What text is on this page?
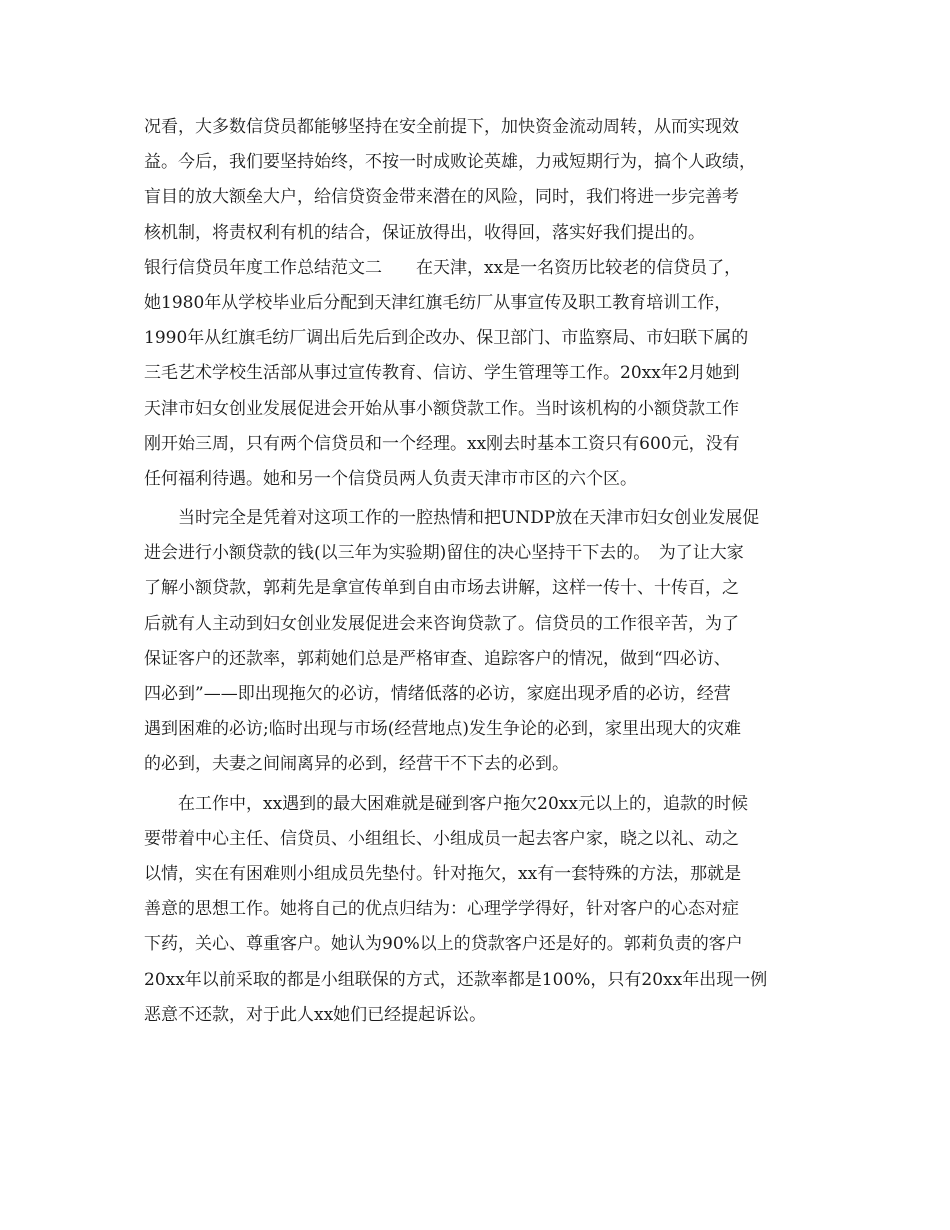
况看，大多数信贷员都能够坚持在安全前提下，加快资金流动周转，从而实现效
益。今后，我们要坚持始终，不按一时成败论英雄，力戒短期行为，搞个人政绩，
盲目的放大额垒大户，给信贷资金带来潜在的风险，同时，我们将进一步完善考
核机制，将责权利有机的结合，保证放得出，收得回，落实好我们提出的。
银行信贷员年度工作总结范文二　　在天津，xx是一名资历比较老的信贷员了，
她1980年从学校毕业后分配到天津红旗毛纺厂从事宣传及职工教育培训工作，
1990年从红旗毛纺厂调出后先后到企改办、保卫部门、市监察局、市妇联下属的
三毛艺术学校生活部从事过宣传教育、信访、学生管理等工作。20xx年2月她到
天津市妇女创业发展促进会开始从事小额贷款工作。当时该机构的小额贷款工作
刚开始三周，只有两个信贷员和一个经理。xx刚去时基本工资只有600元，没有
任何福利待遇。她和另一个信贷员两人负责天津市市区的六个区。
当时完全是凭着对这项工作的一腔热情和把UNDP放在天津市妇女创业发展促
进会进行小额贷款的钱(以三年为实验期)留住的决心坚持干下去的。　为了让大家
了解小额贷款，郭莉先是拿宣传单到自由市场去讲解，这样一传十、十传百，之
后就有人主动到妇女创业发展促进会来咨询贷款了。信贷员的工作很辛苦，为了
保证客户的还款率，郭莉她们总是严格审查、追踪客户的情况，做到“四必访、
四必到”——即出现拖欠的必访，情绪低落的必访，家庭出现矛盾的必访，经营
遇到困难的必访;临时出现与市场(经营地点)发生争论的必到，家里出现大的灾难
的必到，夫妻之间闹离异的必到，经营干不下去的必到。
在工作中，xx遇到的最大困难就是碰到客户拖欠20xx元以上的，追款的时候
要带着中心主任、信贷员、小组组长、小组成员一起去客户家，晓之以礼、动之
以情，实在有困难则小组成员先垫付。针对拖欠，xx有一套特殊的方法，那就是
善意的思想工作。她将自己的优点归结为：心理学学得好，针对客户的心态对症
下药，关心、尊重客户。她认为90%以上的贷款客户还是好的。郭莉负责的客户
20xx年以前采取的都是小组联保的方式，还款率都是100%，只有20xx年出现一例
恶意不还款，对于此人xx她们已经提起诉讼。
